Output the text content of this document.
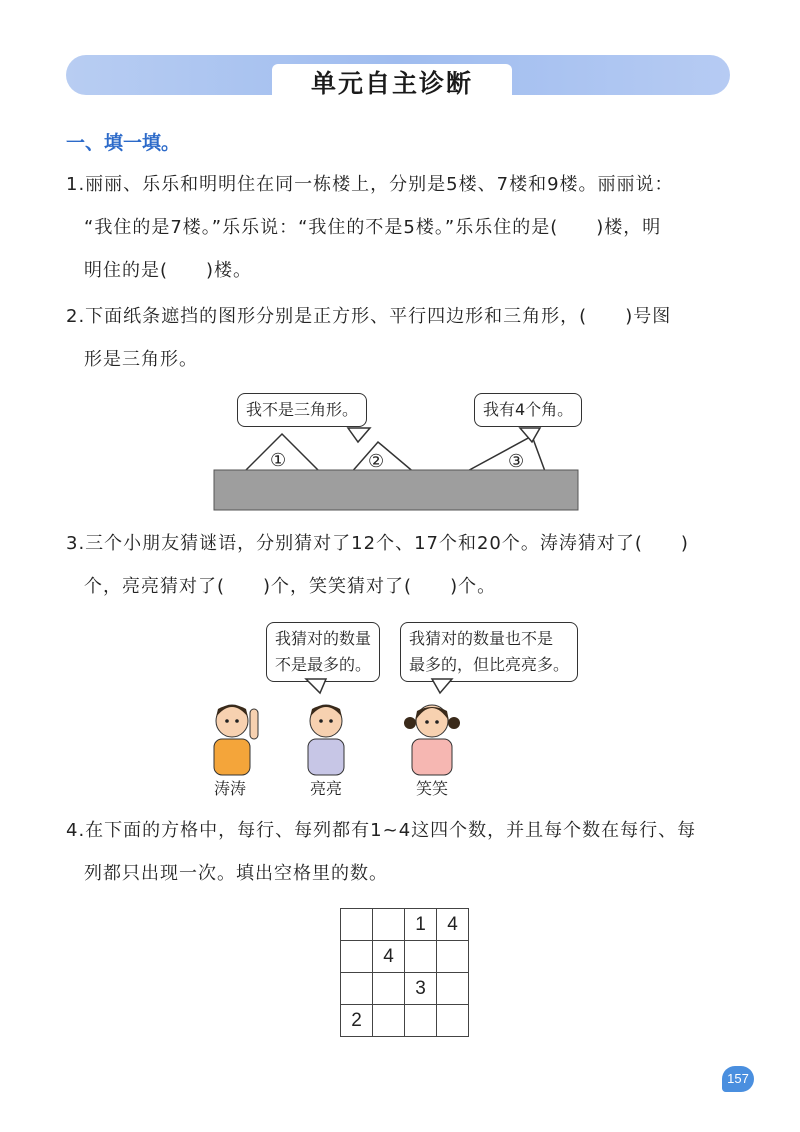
单元自主诊断
一、填一填。
1.丽丽、乐乐和明明住在同一栋楼上，分别是5楼、7楼和9楼。丽丽说：
“我住的是7楼。”乐乐说：“我住的不是5楼。”乐乐住的是(　　)楼，明
明住的是(　　)楼。
2.下面纸条遮挡的图形分别是正方形、平行四边形和三角形，(　　)号图
形是三角形。
我不是三角形。	我有4个角。
①	②	③
3.三个小朋友猜谜语，分别猜对了12个、17个和20个。涛涛猜对了(　　)
个，亮亮猜对了(　　)个，笑笑猜对了(　　)个。
我猜对的数量
不是最多的。
我猜对的数量也不是
最多的，但比亮亮多。
涛涛	亮亮	笑笑
4.在下面的方格中，每行、每列都有1~4这四个数，并且每个数在每行、每
列都只出现一次。填出空格里的数。
		1	4
	4		
		3	
2			
157
